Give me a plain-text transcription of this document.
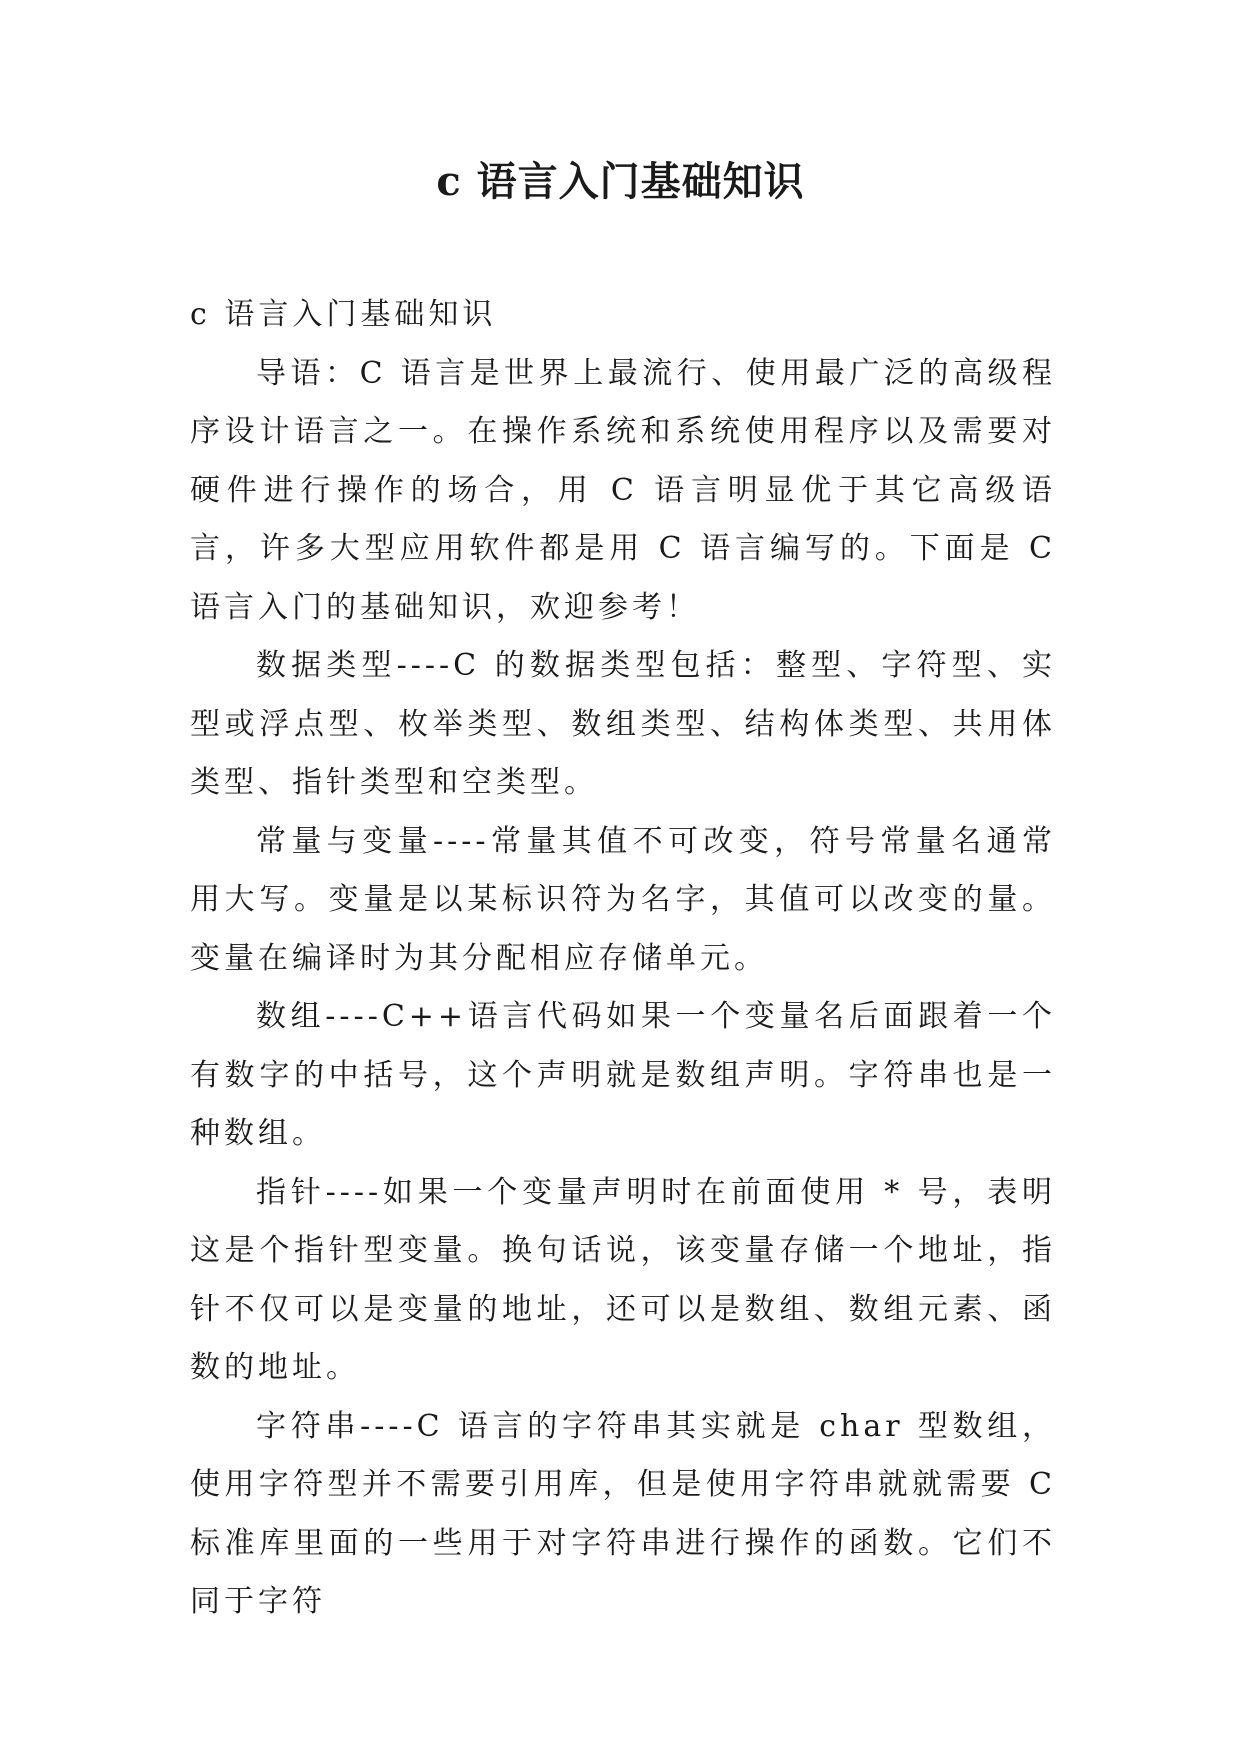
c 语言入门基础知识

c 语言入门基础知识

导语：C 语言是世界上最流行、使用最广泛的高级程序设计语言之一。在操作系统和系统使用程序以及需要对硬件进行操作的场合，用 C 语言明显优于其它高级语言，许多大型应用软件都是用 C 语言编写的。下面是 C 语言入门的基础知识，欢迎参考！

数据类型----C 的数据类型包括：整型、字符型、实型或浮点型、枚举类型、数组类型、结构体类型、共用体类型、指针类型和空类型。

常量与变量----常量其值不可改变，符号常量名通常用大写。变量是以某标识符为名字，其值可以改变的量。变量在编译时为其分配相应存储单元。

数组----C++语言代码如果一个变量名后面跟着一个有数字的中括号，这个声明就是数组声明。字符串也是一种数组。

指针----如果一个变量声明时在前面使用 * 号，表明这是个指针型变量。换句话说，该变量存储一个地址，指针不仅可以是变量的地址，还可以是数组、数组元素、函数的地址。

字符串----C 语言的字符串其实就是 char 型数组，使用字符型并不需要引用库，但是使用字符串就就需要 C 标准库里面的一些用于对字符串进行操作的函数。它们不同于字符
